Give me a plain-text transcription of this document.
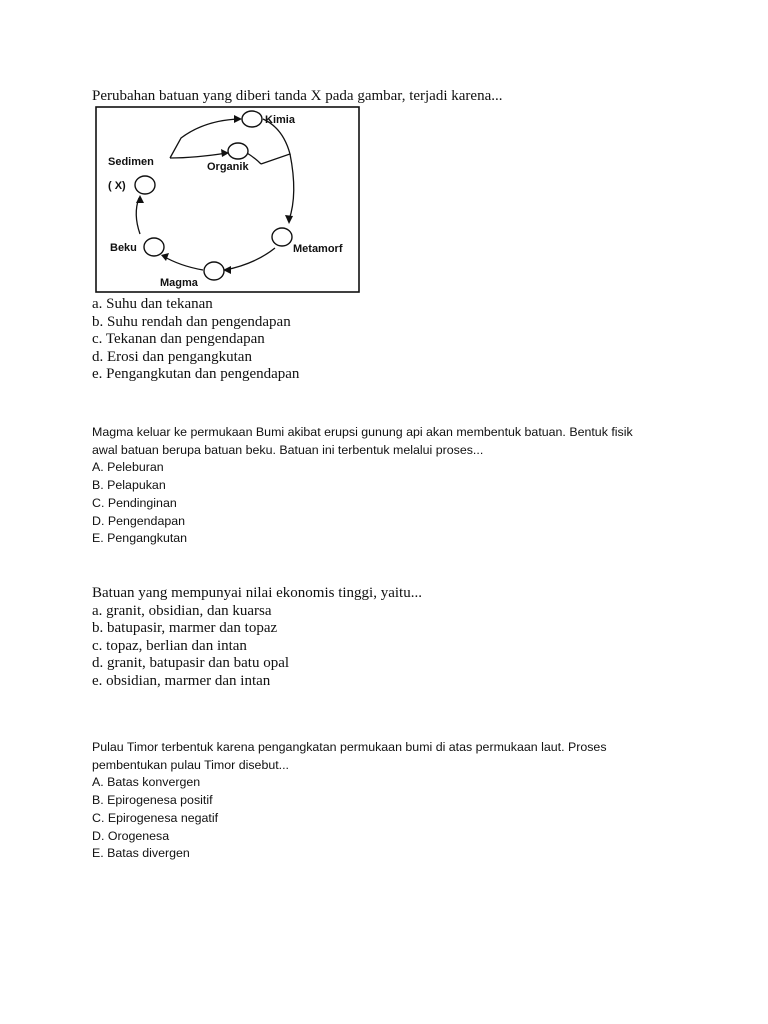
Perubahan batuan yang diberi tanda X pada gambar, terjadi karena...
Kimia
Organik
Sedimen
( X)
Metamorf
Beku
Magma
a. Suhu dan tekanan
b. Suhu rendah dan pengendapan
c. Tekanan dan pengendapan
d. Erosi dan pengangkutan
e. Pengangkutan dan pengendapan
Magma keluar ke permukaan Bumi akibat erupsi gunung api akan membentuk batuan. Bentuk fisik
awal batuan berupa batuan beku. Batuan ini terbentuk melalui proses...
A. Peleburan
B. Pelapukan
C. Pendinginan
D. Pengendapan
E. Pengangkutan
Batuan yang mempunyai nilai ekonomis tinggi, yaitu...
a. granit, obsidian, dan kuarsa
b. batupasir, marmer dan topaz
c. topaz, berlian dan intan
d. granit, batupasir dan batu opal
e. obsidian, marmer dan intan
Pulau Timor terbentuk karena pengangkatan permukaan bumi di atas permukaan laut. Proses
pembentukan pulau Timor disebut...
A. Batas konvergen
B. Epirogenesa positif
C. Epirogenesa negatif
D. Orogenesa
E. Batas divergen
